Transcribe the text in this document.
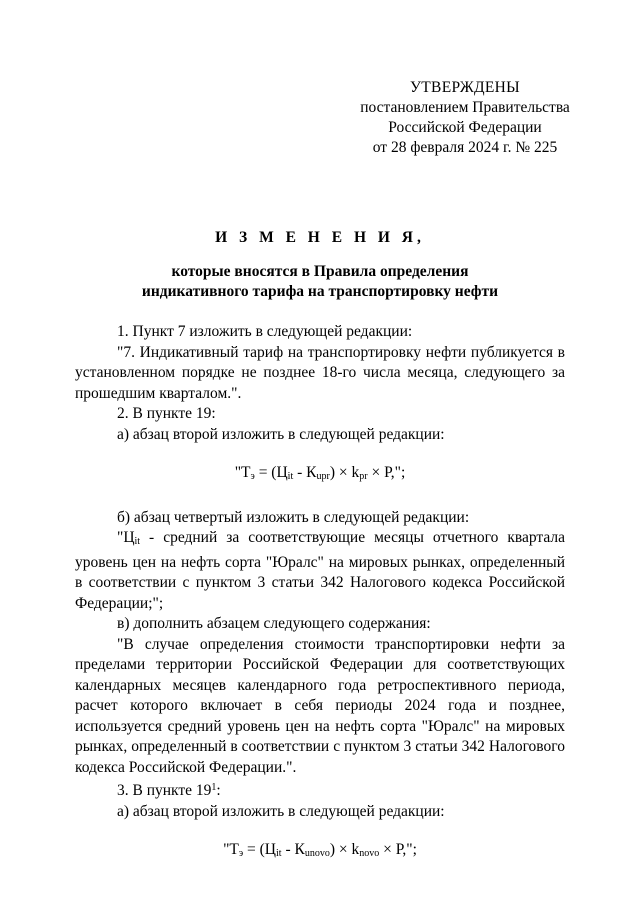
УТВЕРЖДЕНЫ
постановлением Правительства
Российской Федерации
от 28 февраля 2024 г. № 225
И З М Е Н Е Н И Я,
которые вносятся в Правила определения
индикативного тарифа на транспортировку нефти

1. Пункт 7 изложить в следующей редакции:

"7. Индикативный тариф на транспортировку нефти публикуется в установленном порядке не позднее 18-го числа месяца, следующего за прошедшим кварталом.".

2. В пункте 19:

а) абзац второй изложить в следующей редакции:

"$Т_э = (Ц_{it} - К_{upr}) \times k_{pr} \times Р$,";

б) абзац четвертый изложить в следующей редакции:

"$Ц_{it}$ - средний за соответствующие месяцы отчетного квартала уровень цен на нефть сорта "Юралс" на мировых рынках, определенный в соответствии с пунктом 3 статьи 342 Налогового кодекса Российской Федерации;";

в) дополнить абзацем следующего содержания:

"В случае определения стоимости транспортировки нефти за пределами территории Российской Федерации для соответствующих календарных месяцев календарного года ретроспективного периода, расчет которого включает в себя периоды 2024 года и позднее, используется средний уровень цен на нефть сорта "Юралс" на мировых рынках, определенный в соответствии с пунктом 3 статьи 342 Налогового кодекса Российской Федерации.".

3. В пункте $19^1$:

а) абзац второй изложить в следующей редакции:

"$Т_э = (Ц_{it} - К_{unovo}) \times k_{novo} \times Р$,";
